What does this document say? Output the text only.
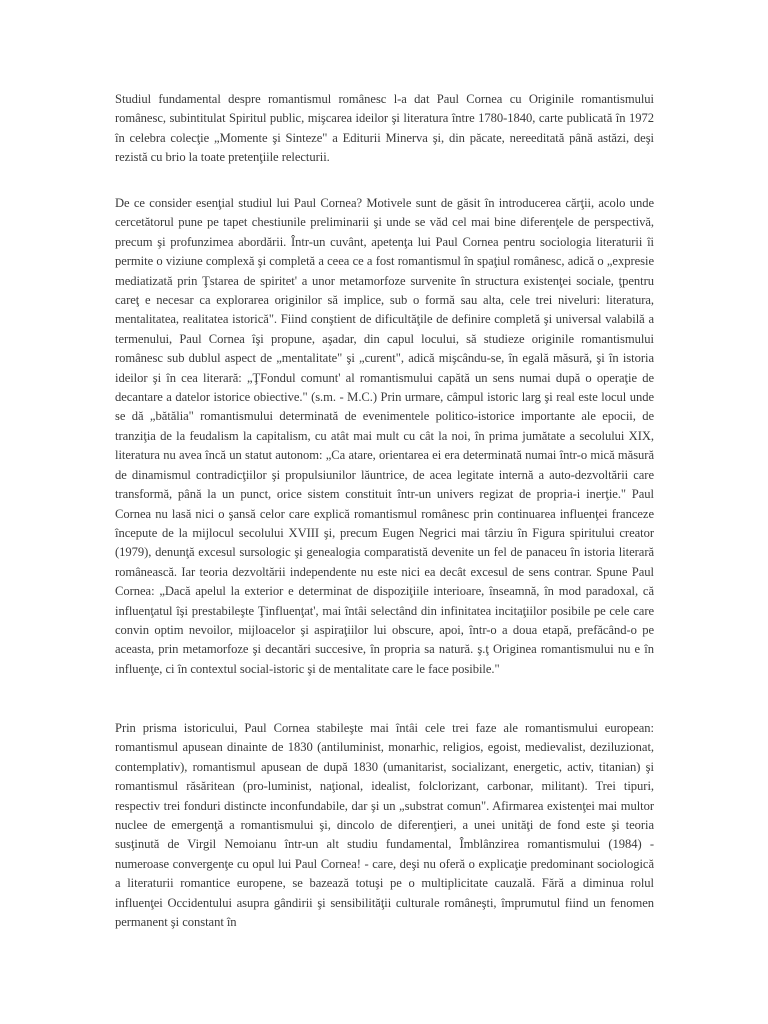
Studiul fundamental despre romantismul românesc l-a dat Paul Cornea cu Originile romantismului românesc, subintitulat Spiritul public, mişcarea ideilor şi literatura între 1780-1840, carte publicată în 1972 în celebra colecţie „Momente şi Sinteze" a Editurii Minerva şi, din păcate, nereeditată până astăzi, deşi rezistă cu brio la toate pretenţiile relecturii.

De ce consider esenţial studiul lui Paul Cornea? Motivele sunt de găsit în introducerea cărţii, acolo unde cercetătorul pune pe tapet chestiunile preliminarii şi unde se văd cel mai bine diferenţele de perspectivă, precum şi profunzimea abordării. Într-un cuvânt, apetenţa lui Paul Cornea pentru sociologia literaturii îi permite o viziune complexă şi completă a ceea ce a fost romantismul în spaţiul românesc, adică o „expresie mediatizată prin Ţstarea de spiritet' a unor metamorfoze survenite în structura existenţei sociale, ţpentru careţ e necesar ca explorarea originilor să implice, sub o formă sau alta, cele trei niveluri: literatura, mentalitatea, realitatea istorică". Fiind conştient de dificultăţile de definire completă şi universal valabilă a termenului, Paul Cornea îşi propune, aşadar, din capul locului, să studieze originile romantismului românesc sub dublul aspect de „mentalitate" şi „curent", adică mişcându-se, în egală măsură, şi în istoria ideilor şi în cea literară: „ŢFondul comunt' al romantismului capătă un sens numai după o operaţie de decantare a datelor istorice obiective." (s.m. - M.C.) Prin urmare, câmpul istoric larg şi real este locul unde se dă „bătălia" romantismului determinată de evenimentele politico-istorice importante ale epocii, de tranziţia de la feudalism la capitalism, cu atât mai mult cu cât la noi, în prima jumătate a secolului XIX, literatura nu avea încă un statut autonom: „Ca atare, orientarea ei era determinată numai într-o mică măsură de dinamismul contradicţiilor şi propulsiunilor lăuntrice, de acea legitate internă a auto-dezvoltării care transformă, până la un punct, orice sistem constituit într-un univers regizat de propria-i inerţie." Paul Cornea nu lasă nici o şansă celor care explică romantismul românesc prin continuarea influenţei franceze începute de la mijlocul secolului XVIII şi, precum Eugen Negrici mai târziu în Figura spiritului creator (1979), denunţă excesul sursologic şi genealogia comparatistă devenite un fel de panaceu în istoria literară românească. Iar teoria dezvoltării independente nu este nici ea decât excesul de sens contrar. Spune Paul Cornea: „Dacă apelul la exterior e determinat de dispoziţiile interioare, înseamnă, în mod paradoxal, că influenţatul îşi prestabileşte Ţinfluenţat', mai întâi selectând din infinitatea incitaţiilor posibile pe cele care convin optim nevoilor, mijloacelor şi aspiraţiilor lui obscure, apoi, într-o a doua etapă, prefăcând-o pe aceasta, prin metamorfoze şi decantări succesive, în propria sa natură. ş.ţ Originea romantismului nu e în influenţe, ci în contextul social-istoric şi de mentalitate care le face posibile."

Prin prisma istoricului, Paul Cornea stabileşte mai întâi cele trei faze ale romantismului european: romantismul apusean dinainte de 1830 (antiluminist, monarhic, religios, egoist, medievalist, deziluzionat, contemplativ), romantismul apusean de după 1830 (umanitarist, socializant, energetic, activ, titanian) şi romantismul răsăritean (pro-luminist, naţional, idealist, folclorizant, carbonar, militant). Trei tipuri, respectiv trei fonduri distincte inconfundabile, dar şi un „substrat comun". Afirmarea existenţei mai multor nuclee de emergenţă a romantismului şi, dincolo de diferenţieri, a unei unităţi de fond este şi teoria susţinută de Virgil Nemoianu într-un alt studiu fundamental, Îmblânzirea romantismului (1984) - numeroase convergenţe cu opul lui Paul Cornea! - care, deşi nu oferă o explicaţie predominant sociologică a literaturii romantice europene, se bazează totuşi pe o multiplicitate cauzală. Fără a diminua rolul influenţei Occidentului asupra gândirii şi sensibilităţii culturale româneşti, împrumutul fiind un fenomen permanent şi constant în
